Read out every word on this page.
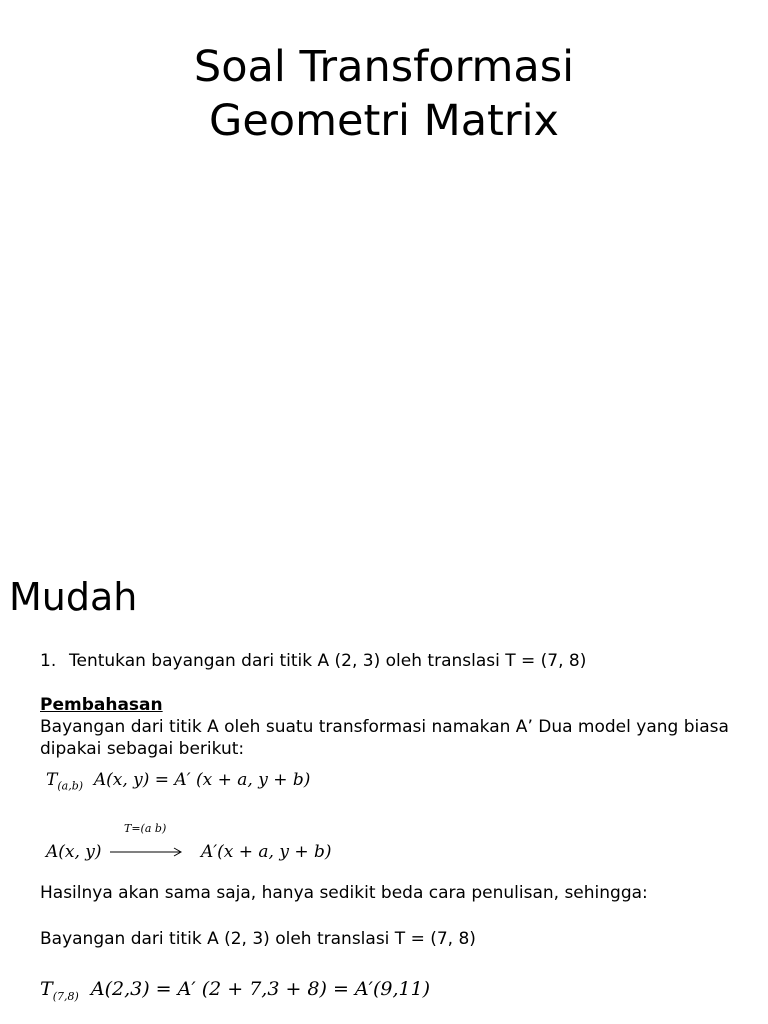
Soal Transformasi
Geometri Matrix
Mudah
1. Tentukan bayangan dari titik A (2, 3) oleh translasi T = (7, 8)
Pembahasan
Bayangan dari titik A oleh suatu transformasi namakan A’ Dua model yang biasa dipakai sebagai berikut:
$T_{(a,b)}$ A(x, y) = A′ (x + a, y + b)
A(x, y)
T=(a b)
A′(x + a, y + b)
Hasilnya akan sama saja, hanya sedikit beda cara penulisan, sehingga:
Bayangan dari titik A (2, 3) oleh translasi T = (7, 8)
$T_{(7,8)}$ A(2,3) = A′ (2 + 7,3 + 8) = A′(9,11)
